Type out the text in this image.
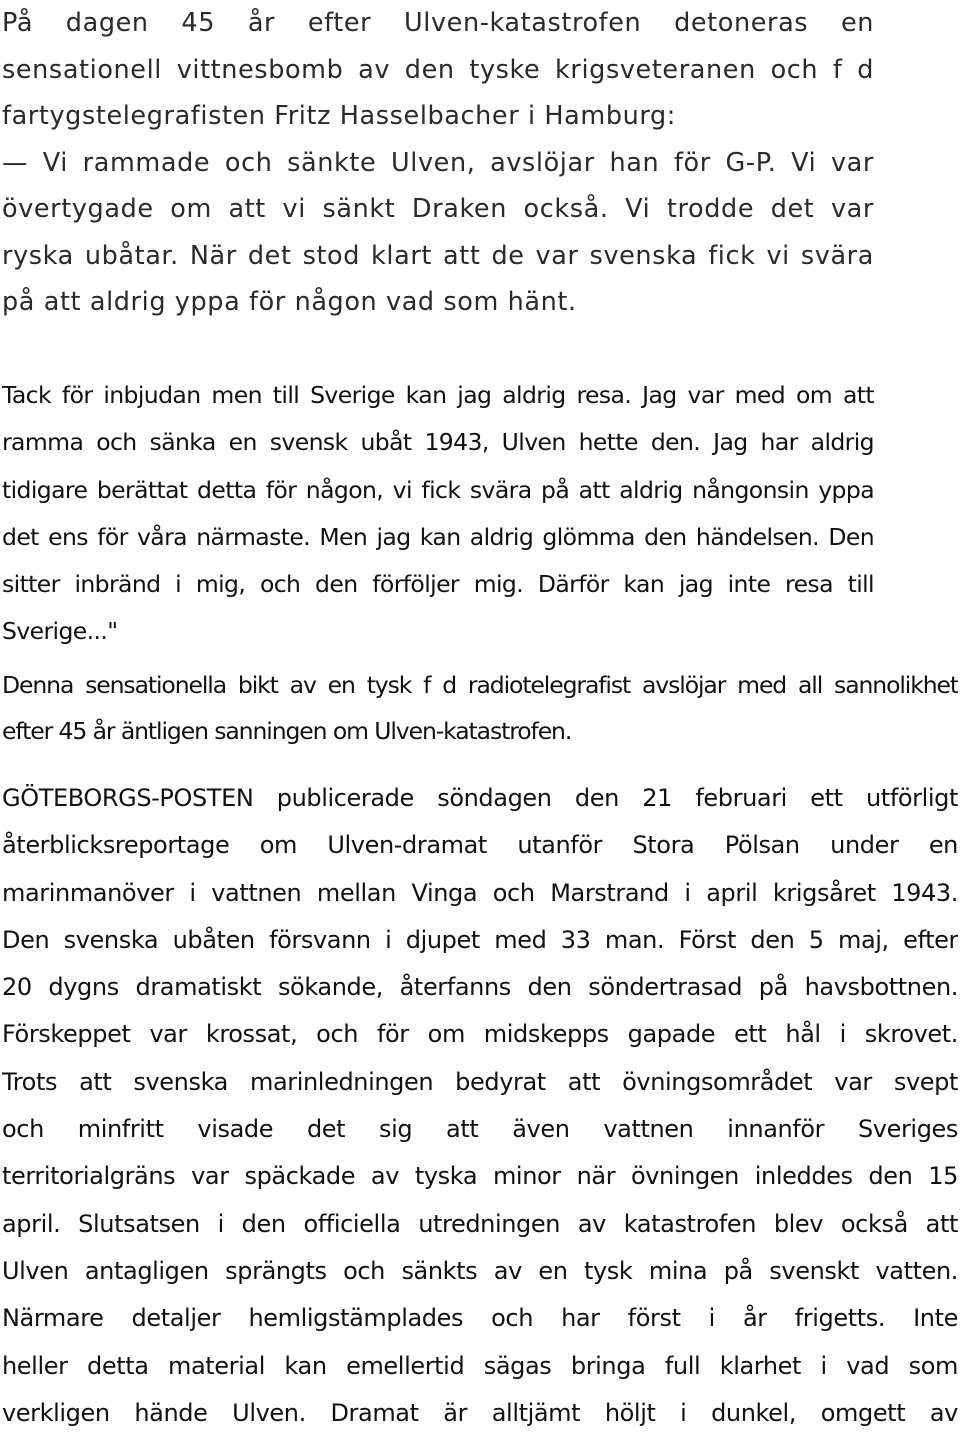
På dagen 45 år efter Ulven-katastrofen detoneras en
sensationell vittnesbomb av den tyske krigsveteranen och f d
fartygstelegrafisten Fritz Hasselbacher i Hamburg:
— Vi rammade och sänkte Ulven, avslöjar han för G-P. Vi var
övertygade om att vi sänkt Draken också. Vi trodde det var
ryska ubåtar. När det stod klart att de var svenska fick vi svära
på att aldrig yppa för någon vad som hänt.
Tack för inbjudan men till Sverige kan jag aldrig resa. Jag var med om att
ramma och sänka en svensk ubåt 1943, Ulven hette den. Jag har aldrig
tidigare berättat detta för någon, vi fick svära på att aldrig nångonsin yppa
det ens för våra närmaste. Men jag kan aldrig glömma den händelsen. Den
sitter inbränd i mig, och den förföljer mig. Därför kan jag inte resa till
Sverige..."
Denna sensationella bikt av en tysk f d radiotelegrafist avslöjar med all sannolikhet
efter 45 år äntligen sanningen om Ulven-katastrofen.
GÖTEBORGS-POSTEN publicerade söndagen den 21 februari ett utförligt
återblicksreportage om Ulven-dramat utanför Stora Pölsan under en
marinmanöver i vattnen mellan Vinga och Marstrand i april krigsåret 1943.
Den svenska ubåten försvann i djupet med 33 man. Först den 5 maj, efter
20 dygns dramatiskt sökande, återfanns den söndertrasad på havsbottnen.
Förskeppet var krossat, och för om midskepps gapade ett hål i skrovet.
Trots att svenska marinledningen bedyrat att övningsområdet var svept
och minfritt visade det sig att även vattnen innanför Sveriges
territorialgräns var späckade av tyska minor när övningen inleddes den 15
april. Slutsatsen i den officiella utredningen av katastrofen blev också att
Ulven antagligen sprängts och sänkts av en tysk mina på svenskt vatten.
Närmare detaljer hemligstämplades och har först i år frigetts. Inte
heller detta material kan emellertid sägas bringa full klarhet i vad som
verkligen hände Ulven. Dramat är alltjämt höljt i dunkel, omgett av
